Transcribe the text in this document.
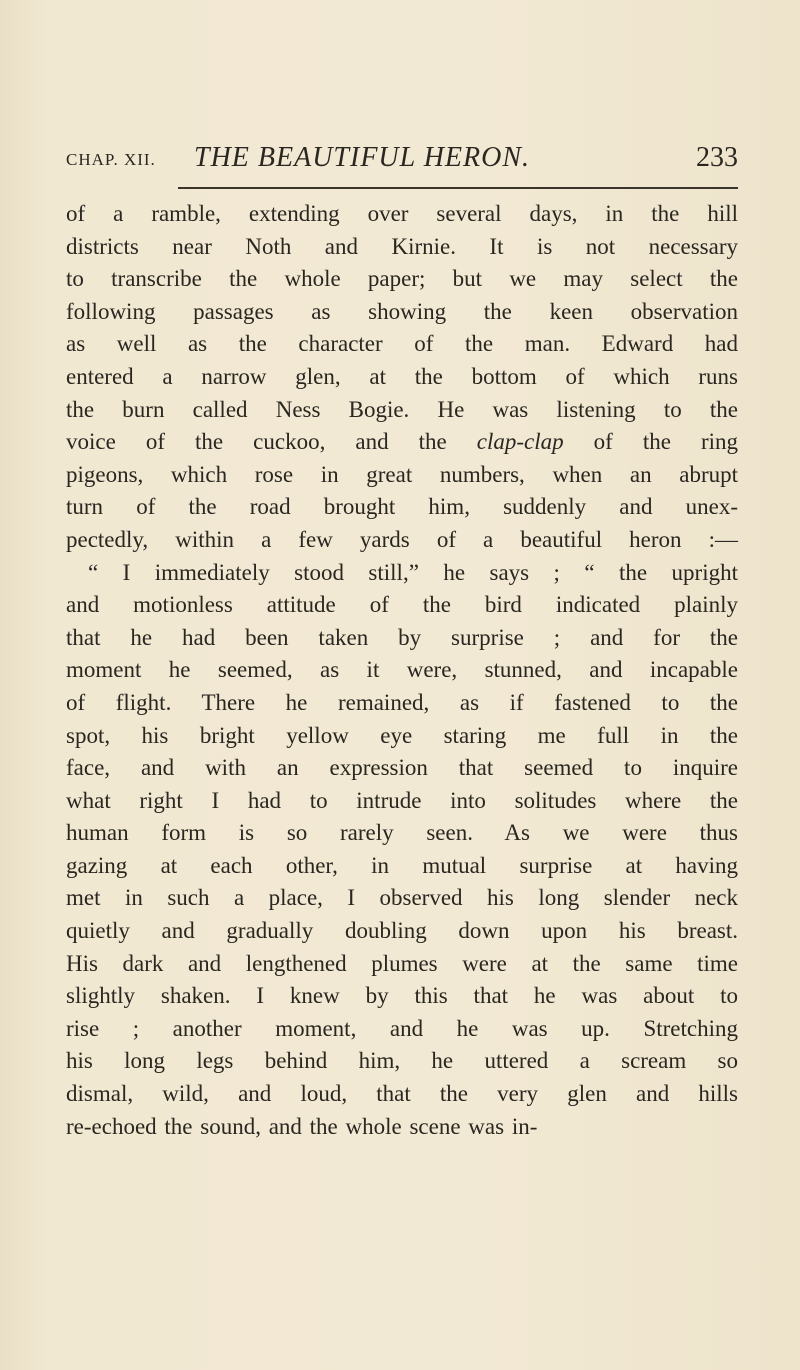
CHAP. XII. THE BEAUTIFUL HERON.	233
of a ramble, extending over several days, in the hill
districts near Noth and Kirnie. It is not necessary
to transcribe the whole paper; but we may select the
following passages as showing the keen observation
as well as the character of the man. Edward had
entered a narrow glen, at the bottom of which runs
the burn called Ness Bogie. He was listening to the
voice of the cuckoo, and the clap-clap of the ring
pigeons, which rose in great numbers, when an abrupt
turn of the road brought him, suddenly and unex-
pectedly, within a few yards of a beautiful heron :—
“ I immediately stood still,” he says ; “ the upright
and motionless attitude of the bird indicated plainly
that he had been taken by surprise ; and for the
moment he seemed, as it were, stunned, and incapable
of flight. There he remained, as if fastened to the
spot, his bright yellow eye staring me full in the
face, and with an expression that seemed to inquire
what right I had to intrude into solitudes where the
human form is so rarely seen. As we were thus
gazing at each other, in mutual surprise at having
met in such a place, I observed his long slender neck
quietly and gradually doubling down upon his breast.
His dark and lengthened plumes were at the same time
slightly shaken. I knew by this that he was about to
rise ; another moment, and he was up. Stretching
his long legs behind him, he uttered a scream so
dismal, wild, and loud, that the very glen and hills
re-echoed the sound, and the whole scene was in-
